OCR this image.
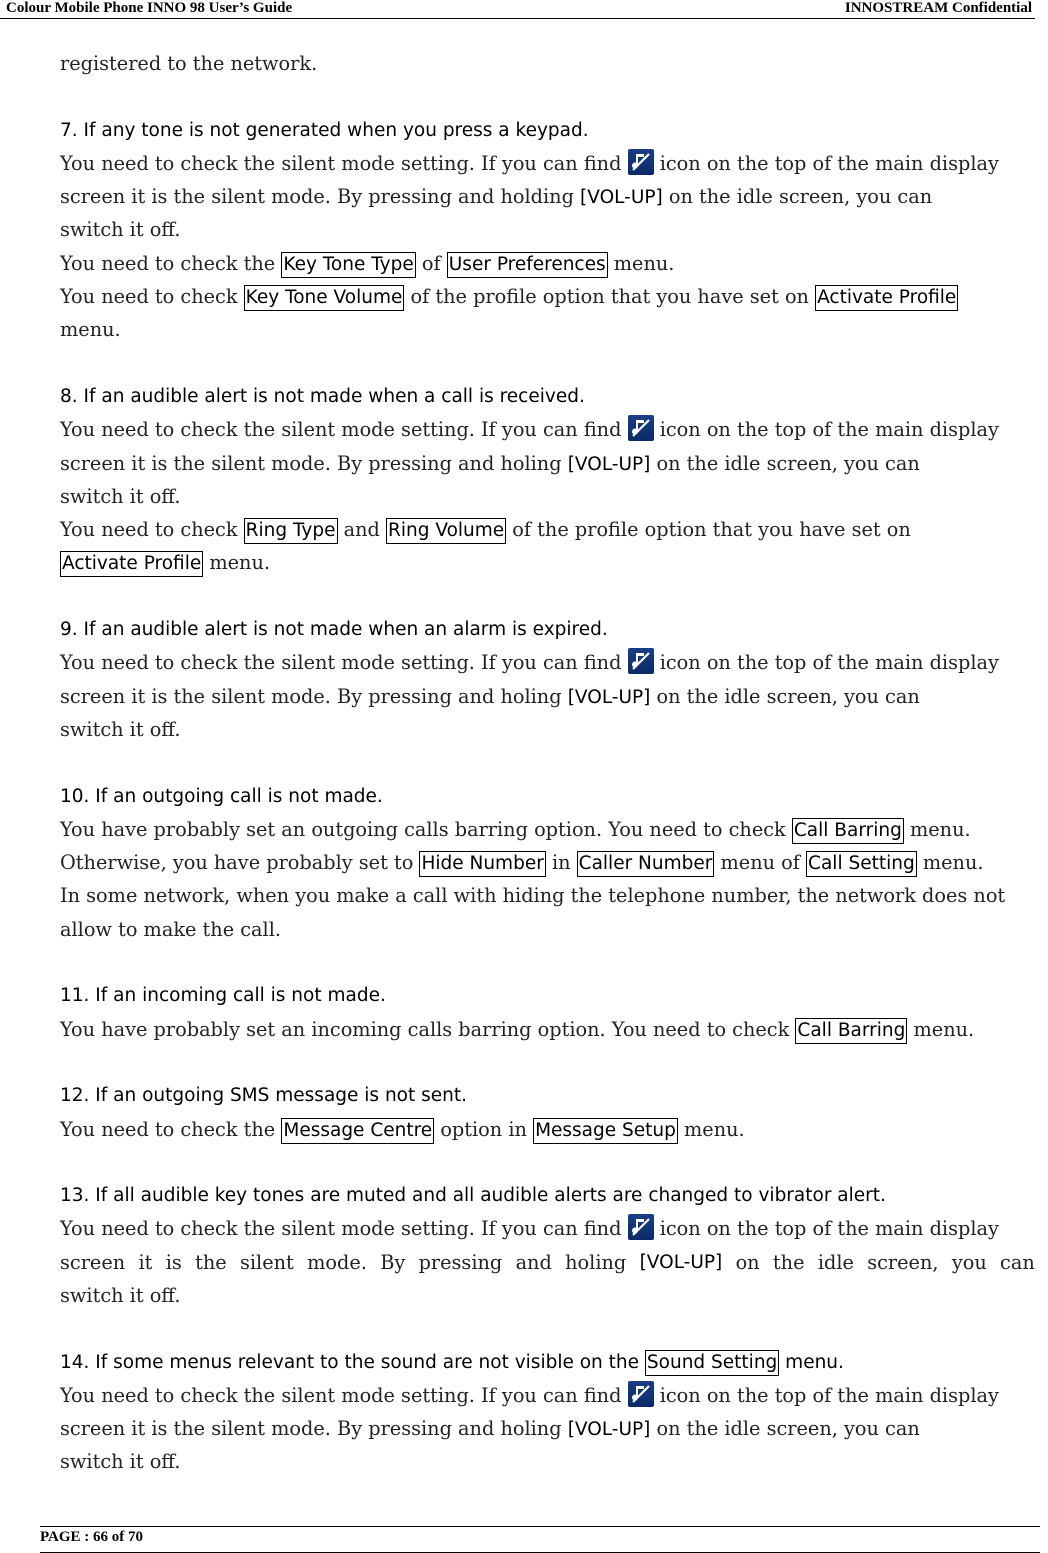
Colour Mobile Phone INNO 98 User’s Guide	INNOSTREAM Confidential
registered to the network.
7. If any tone is not generated when you press a keypad.
You need to check the silent mode setting. If you can find
icon on the top of the main display
screen it is the silent mode. By pressing and holding [VOL-UP] on the idle screen, you can
switch it off.
You need to check the Key Tone Type of User Preferences menu.
You need to check Key Tone Volume of the profile option that you have set on Activate Profile
menu.
8. If an audible alert is not made when a call is received.
You need to check the silent mode setting. If you can find
icon on the top of the main display
screen it is the silent mode. By pressing and holing [VOL-UP] on the idle screen, you can
switch it off.
You need to check Ring Type and Ring Volume of the profile option that you have set on
Activate Profile menu.
9. If an audible alert is not made when an alarm is expired.
You need to check the silent mode setting. If you can find
icon on the top of the main display
screen it is the silent mode. By pressing and holing [VOL-UP] on the idle screen, you can
switch it off.
10. If an outgoing call is not made.
You have probably set an outgoing calls barring option. You need to check Call Barring menu.
Otherwise, you have probably set to Hide Number in Caller Number menu of Call Setting menu.
In some network, when you make a call with hiding the telephone number, the network does not
allow to make the call.
11. If an incoming call is not made.
You have probably set an incoming calls barring option. You need to check Call Barring menu.
12. If an outgoing SMS message is not sent.
You need to check the Message Centre option in Message Setup menu.
13. If all audible key tones are muted and all audible alerts are changed to vibrator alert.
You need to check the silent mode setting. If you can find
icon on the top of the main display
screen it is the silent mode. By pressing and holing [VOL-UP] on the idle screen, you can
switch it off.
14. If some menus relevant to the sound are not visible on the Sound Setting menu.
You need to check the silent mode setting. If you can find
icon on the top of the main display
screen it is the silent mode. By pressing and holing [VOL-UP] on the idle screen, you can
switch it off.
PAGE : 66 of 70
